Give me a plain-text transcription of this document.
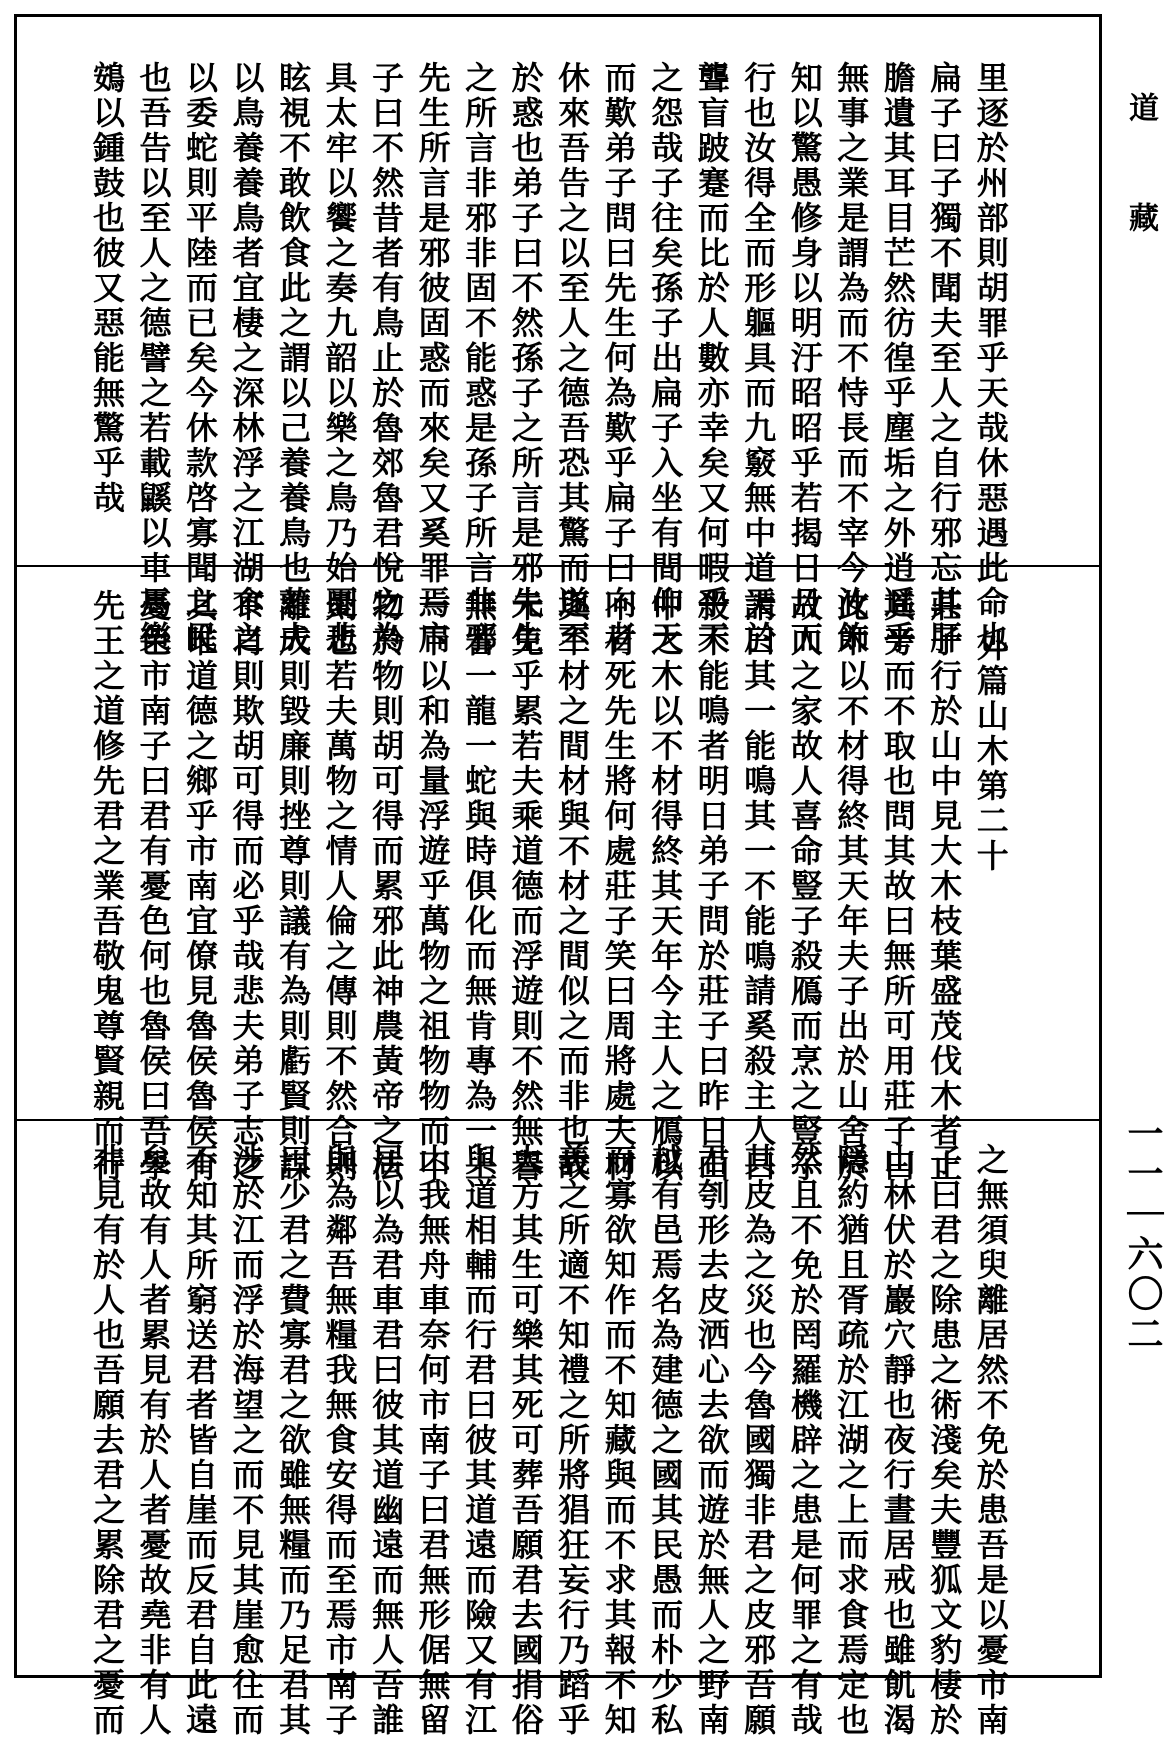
里逐於州部則胡罪乎天哉休惡遇此命也
扁子曰子獨不聞夫至人之自行邪忘其肝
膽遺其耳目芒然彷徨乎塵垢之外逍遥乎
無事之業是謂為而不恃長而不宰今汝飾
知以驚愚修身以明汙昭昭乎若揭日月而
行也汝得全而形軀具而九竅無中道天於
聾盲跛蹇而比於人數亦幸矣又何暇乎天
之怨哉子往矣孫子出扁子入坐有間仰天
而歎弟子問曰先生何為歎乎扁子曰向者
休來吾告之以至人之德吾恐其驚而遂至
於惑也弟子曰不然孫子之所言是邪先生
之所言非邪非固不能惑是孫子所言非邪
先生所言是邪彼固惑而來矣又奚罪焉扁
子曰不然昔者有鳥止於魯郊魯君悅之為
具太牢以饗之奏九韶以樂之鳥乃始憂悲
眩視不敢飲食此之謂以己養養鳥也若夫
以鳥養養鳥者宜棲之深林浮之江湖食之
以委蛇則平陸而已矣今休款啓寡聞之民
也吾告以至人之德譬之若載鼷以車馬樂
鴳以鍾鼓也彼又惡能無驚乎哉
外篇山木第二十
莊子行於山中見大木枝葉盛茂伐木者止
其旁而不取也問其故曰無所可用莊子曰
此木以不材得終其天年夫子出於山舍於
故人之家故人喜命豎子殺鴈而烹之豎子
請曰其一能鳴其一不能鳴請奚殺主人曰
殺不能鳴者明日弟子問於莊子曰昨日山
中之木以不材得終其天年今主人之鴈以
不材死先生將何處莊子笑曰周將處夫材
與不材之間材與不材之間似之而非也故
未免乎累若夫乘道德而浮遊則不然無譽
無訾一龍一蛇與時俱化而無肯專為一上
一下以和為量浮遊乎萬物之祖物物而不
物於物則胡可得而累邪此神農黃帝之法
則也若夫萬物之情人倫之傳則不然合則
離成則毀廉則挫尊則議有為則虧賢則謀
不肖則欺胡可得而必乎哉悲夫弟子志之
其唯道德之鄉乎市南宜僚見魯侯魯侯有
憂色市南子曰君有憂色何也魯侯曰吾學
先王之道修先君之業吾敬鬼尊賢親而行
之無須臾離居然不免於患吾是以憂市南
子曰君之除患之術淺矣夫豐狐文豹棲於
山林伏於巖穴靜也夜行晝居戒也雖飢渴
隱約猶且胥疏於江湖之上而求食焉定也
然且不免於罔羅機辟之患是何罪之有哉
其皮為之災也今魯國獨非君之皮邪吾願
君刳形去皮洒心去欲而遊於無人之野南
越有邑焉名為建德之國其民愚而朴少私
而寡欲知作而不知藏與而不求其報不知
義之所適不知禮之所將猖狂妄行乃蹈乎
大方其生可樂其死可葬吾願君去國捐俗
與道相輔而行君曰彼其道遠而險又有江
山我無舟車奈何市南子曰君無形倨無留
居以為君車君曰彼其道幽遠而無人吾誰
與為鄰吾無糧我無食安得而至焉市南子
曰少君之費寡君之欲雖無糧而乃足君其
涉於江而浮於海望之而不見其崖愈往而
不知其所窮送君者皆自崖而反君自此遠
矣故有人者累見有於人者憂故堯非有人
非見有於人也吾願去君之累除君之憂而
道藏
一一｜六〇二
